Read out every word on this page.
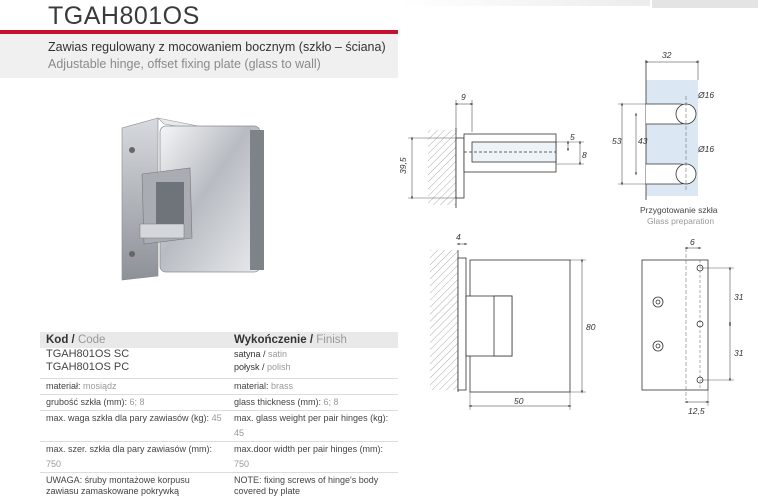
TGAH801OS
Zawias regulowany z mocowaniem bocznym (szkło – ściana)
Adjustable hinge, offset fixing plate (glass to wall)
Kod / Code	Wykończenie / Finish
TGAH801OS SC	satyna / satin
TGAH801OS PC	połysk / polish

materiał: mosiądz	material: brass
grubość szkła (mm): 6; 8	glass thickness (mm): 6; 8
max. waga szkła dla pary zawiasów (kg): 45	max. glass weight per pair hinges (kg): 45
max. szer. szkła dla pary zawiasów (mm): 750	max.door width per pair hinges (mm): 750
UWAGA: śruby montażowe korpusu zawiasu zamaskowane pokrywką	NOTE: fixing screws of hinge's body covered by plate
9
39,5
5
8
32
Ø16
Ø16
53 43
4
80
50
6
31
31
12,5
Przygotowanie szkła
Glass preparation
